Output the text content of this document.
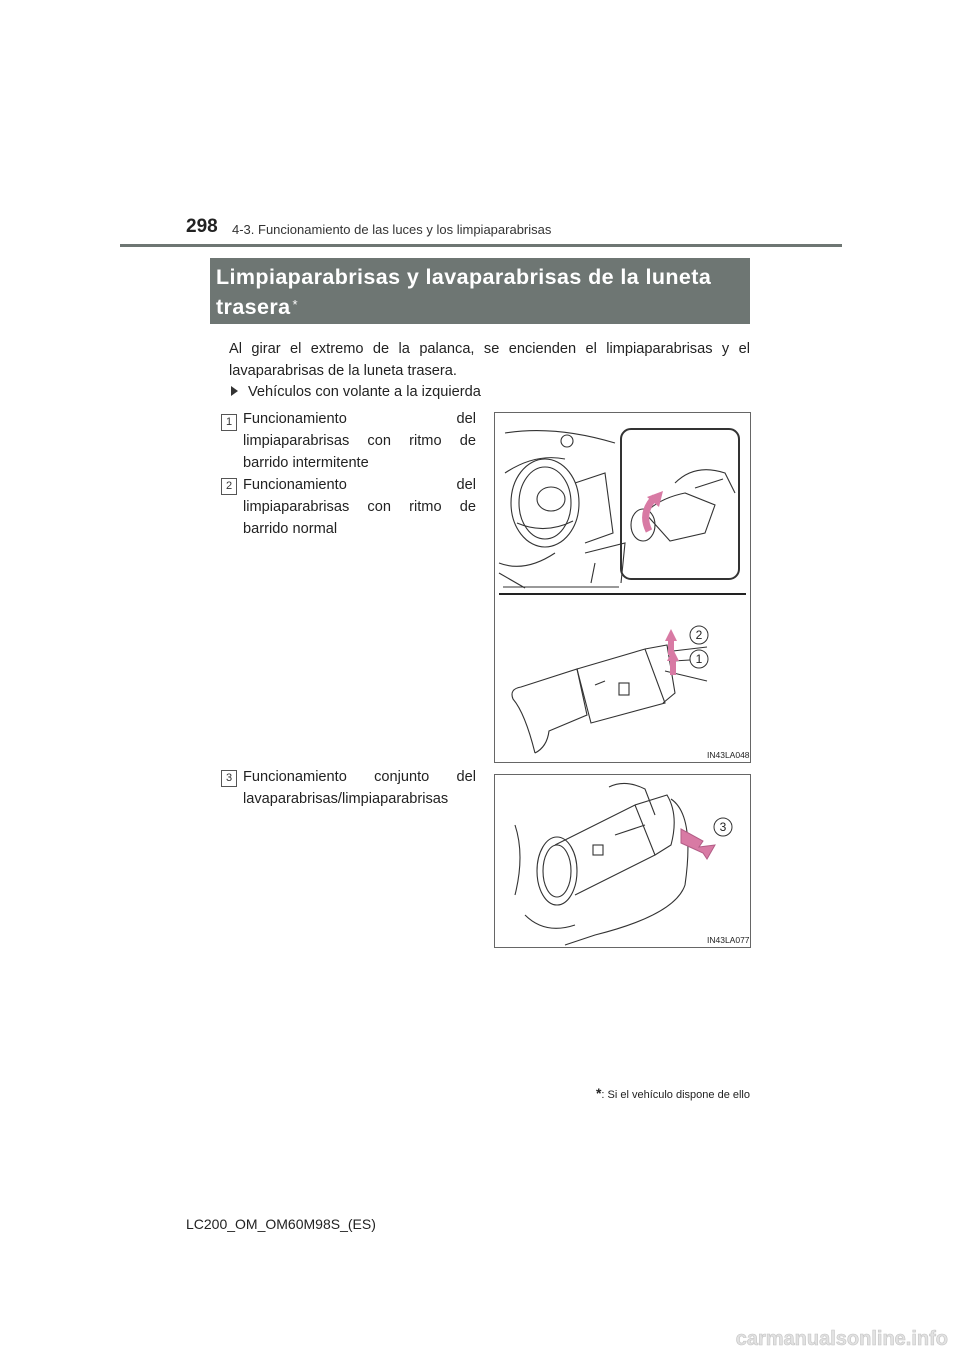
298 4-3. Funcionamiento de las luces y los limpiaparabrisas
Limpiaparabrisas y lavaparabrisas de la luneta trasera *
Al girar el extremo de la palanca, se encienden el limpiaparabrisas y el lavaparabrisas de la luneta trasera.
Vehículos con volante a la izquierda
1 Funcionamiento del limpiaparabrisas con ritmo de barrido intermitente
2 Funcionamiento del limpiaparabrisas con ritmo de barrido normal
3 Funcionamiento conjunto del lavaparabrisas/limpiaparabrisas
2
1
IN43LA048
3
IN43LA077
*: Si el vehículo dispone de ello
LC200_OM_OM60M98S_(ES)
carmanualsonline.info
